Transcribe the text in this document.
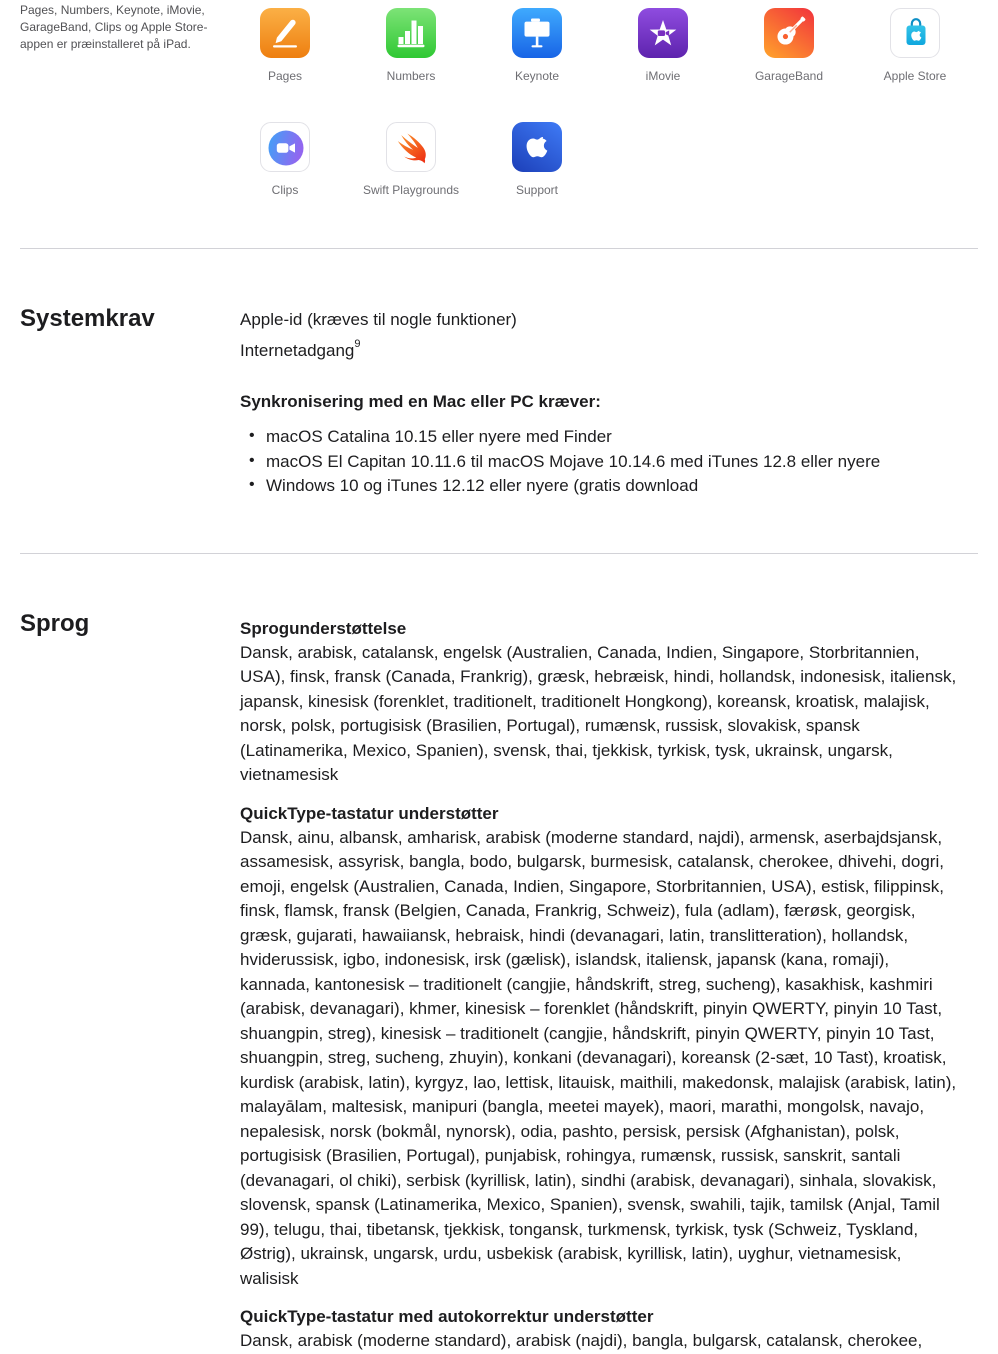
Pages, Numbers, Keynote, iMovie, GarageBand, Clips og Apple Store-appen er præinstalleret på iPad.
Pages	Numbers	Keynote	iMovie	GarageBand	Apple Store
Clips	Swift Playgrounds	Support
Systemkrav	Apple-id (kræves til nogle funktioner)

Internetadgang$^9$

Synkronisering med en Mac eller PC kræver:
• macOS Catalina 10.15 eller nyere med Finder
• macOS El Capitan 10.11.6 til macOS Mojave 10.14.6 med iTunes 12.8 eller nyere
• Windows 10 og iTunes 12.12 eller nyere (gratis download
Sprog	Sprogunderstøttelse

Dansk, arabisk, catalansk, engelsk (Australien, Canada, Indien, Singapore, Storbritannien, USA), finsk, fransk (Canada, Frankrig), græsk, hebræisk, hindi, hollandsk, indonesisk, italiensk, japansk, kinesisk (forenklet, traditionelt, traditionelt Hongkong), koreansk, kroatisk, malajisk, norsk, polsk, portugisisk (Brasilien, Portugal), rumænsk, russisk, slovakisk, spansk (Latinamerika, Mexico, Spanien), svensk, thai, tjekkisk, tyrkisk, tysk, ukrainsk, ungarsk, vietnamesisk

QuickType-tastatur understøtter

Dansk, ainu, albansk, amharisk, arabisk (moderne standard, najdi), armensk, aserbajdsjansk, assamesisk, assyrisk, bangla, bodo, bulgarsk, burmesisk, catalansk, cherokee, dhivehi, dogri, emoji, engelsk (Australien, Canada, Indien, Singapore, Storbritannien, USA), estisk, filippinsk, finsk, flamsk, fransk (Belgien, Canada, Frankrig, Schweiz), fula (adlam), færøsk, georgisk, græsk, gujarati, hawaiiansk, hebraisk, hindi (devanagari, latin, translitteration), hollandsk, hviderussisk, igbo, indonesisk, irsk (gælisk), islandsk, italiensk, japansk (kana, romaji), kannada, kantonesisk – traditionelt (cangjie, håndskrift, streg, sucheng), kasakhisk, kashmiri (arabisk, devanagari), khmer, kinesisk – forenklet (håndskrift, pinyin QWERTY, pinyin 10 Tast, shuangpin, streg), kinesisk – traditionelt (cangjie, håndskrift, pinyin QWERTY, pinyin 10 Tast, shuangpin, streg, sucheng, zhuyin), konkani (devanagari), koreansk (2-sæt, 10 Tast), kroatisk, kurdisk (arabisk, latin), kyrgyz, lao, lettisk, litauisk, maithili, makedonsk, malajisk (arabisk, latin), malayālam, maltesisk, manipuri (bangla, meetei mayek), maori, marathi, mongolsk, navajo, nepalesisk, norsk (bokmål, nynorsk), odia, pashto, persisk, persisk (Afghanistan), polsk, portugisisk (Brasilien, Portugal), punjabisk, rohingya, rumænsk, russisk, sanskrit, santali (devanagari, ol chiki), serbisk (kyrillisk, latin), sindhi (arabisk, devanagari), sinhala, slovakisk, slovensk, spansk (Latinamerika, Mexico, Spanien), svensk, swahili, tajik, tamilsk (Anjal, Tamil 99), telugu, thai, tibetansk, tjekkisk, tongansk, turkmensk, tyrkisk, tysk (Schweiz, Tyskland, Østrig), ukrainsk, ungarsk, urdu, usbekisk (arabisk, kyrillisk, latin), uyghur, vietnamesisk, walisisk

QuickType-tastatur med autokorrektur understøtter

Dansk, arabisk (moderne standard), arabisk (najdi), bangla, bulgarsk, catalansk, cherokee,
